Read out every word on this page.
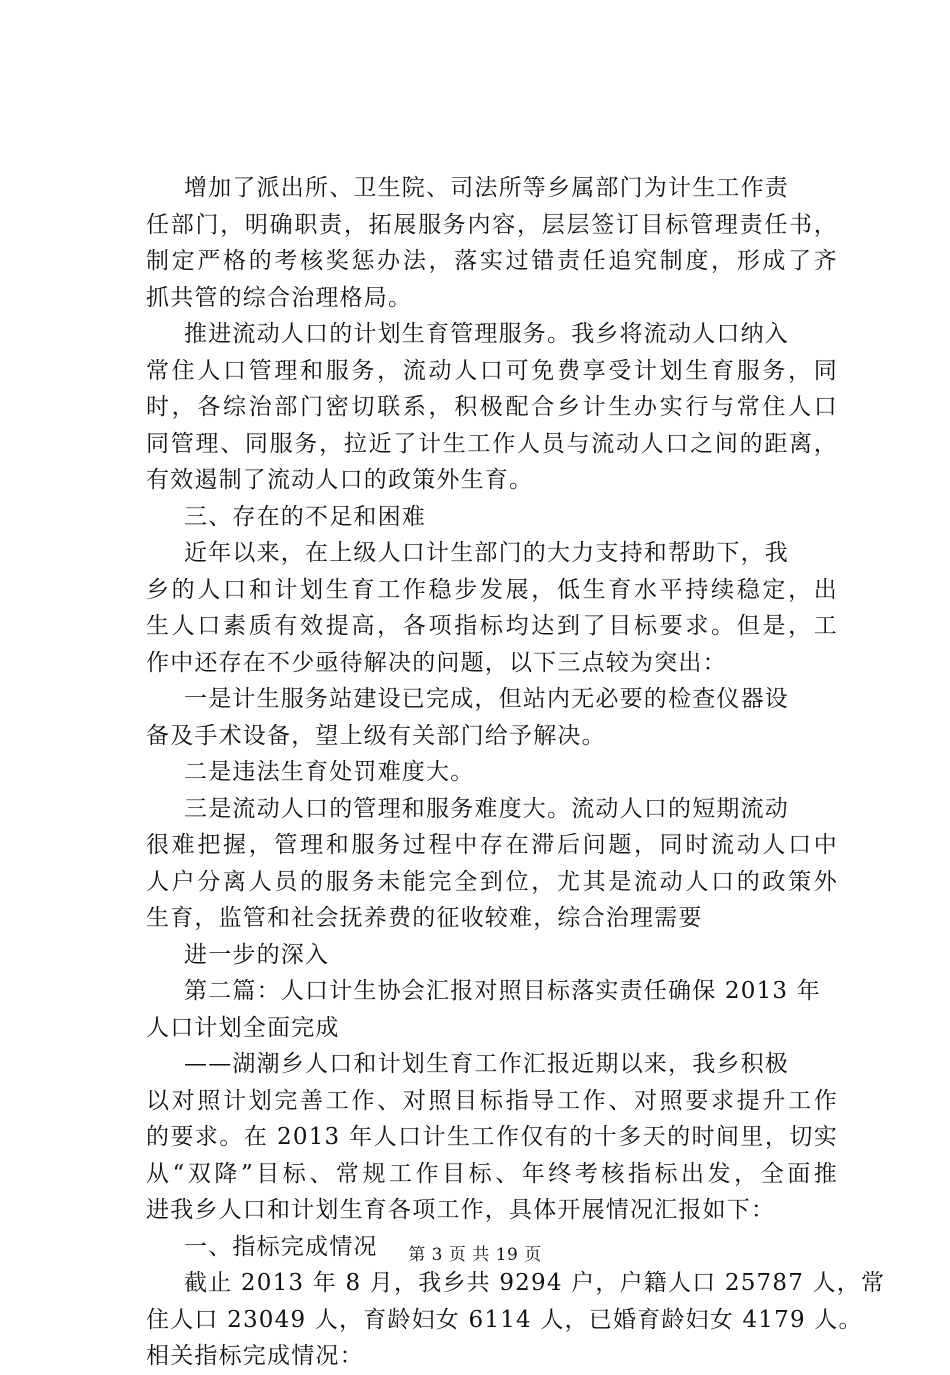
增加了派出所、卫生院、司法所等乡属部门为计生工作责
任部门，明确职责，拓展服务内容，层层签订目标管理责任书，
制定严格的考核奖惩办法，落实过错责任追究制度，形成了齐
抓共管的综合治理格局。
推进流动人口的计划生育管理服务。我乡将流动人口纳入
常住人口管理和服务，流动人口可免费享受计划生育服务，同
时，各综治部门密切联系，积极配合乡计生办实行与常住人口
同管理、同服务，拉近了计生工作人员与流动人口之间的距离，
有效遏制了流动人口的政策外生育。
三、存在的不足和困难
近年以来，在上级人口计生部门的大力支持和帮助下，我
乡的人口和计划生育工作稳步发展，低生育水平持续稳定，出
生人口素质有效提高，各项指标均达到了目标要求。但是，工
作中还存在不少亟待解决的问题，以下三点较为突出：
一是计生服务站建设已完成，但站内无必要的检查仪器设
备及手术设备，望上级有关部门给予解决。
二是违法生育处罚难度大。
三是流动人口的管理和服务难度大。流动人口的短期流动
很难把握，管理和服务过程中存在滞后问题，同时流动人口中
人户分离人员的服务未能完全到位，尤其是流动人口的政策外
生育，监管和社会抚养费的征收较难，综合治理需要
进一步的深入
第二篇：人口计生协会汇报对照目标落实责任确保 2013 年
人口计划全面完成
——湖潮乡人口和计划生育工作汇报近期以来，我乡积极
以对照计划完善工作、对照目标指导工作、对照要求提升工作
的要求。在 2013 年人口计生工作仅有的十多天的时间里，切实
从“双降”目标、常规工作目标、年终考核指标出发，全面推
进我乡人口和计划生育各项工作，具体开展情况汇报如下：
一、指标完成情况
截止 2013 年 8 月，我乡共 9294 户，户籍人口 25787 人，常
住人口 23049 人，育龄妇女 6114 人，已婚育龄妇女 4179 人。
相关指标完成情况：
第 3 页 共 19 页
